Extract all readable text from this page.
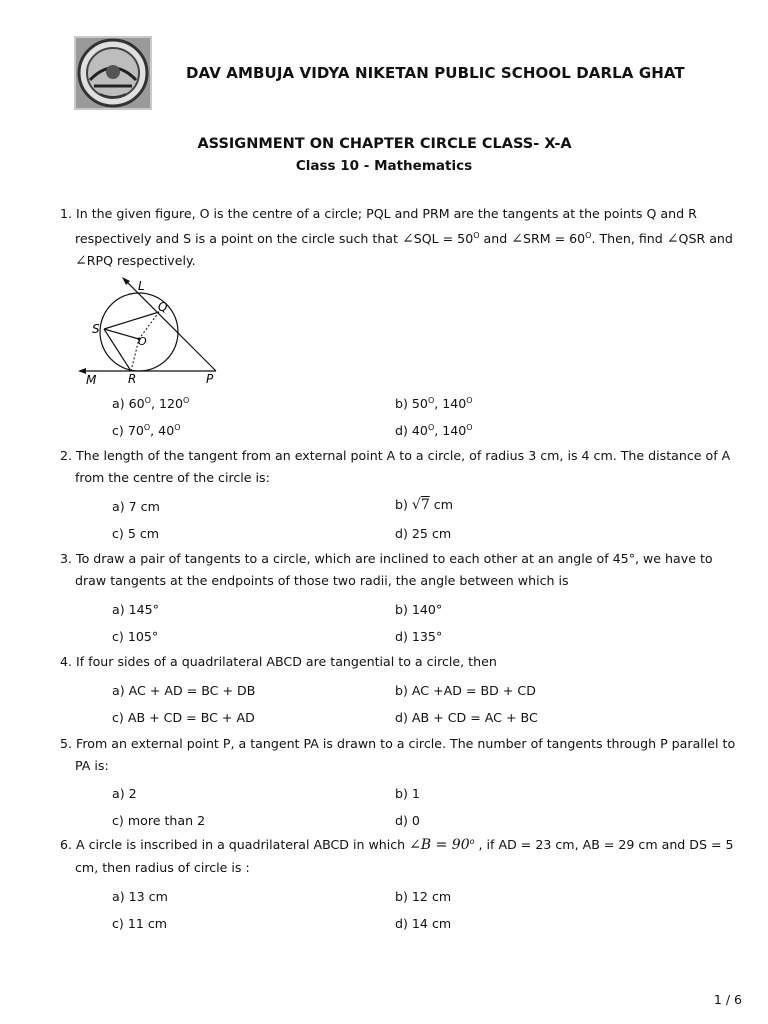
DAV AMBUJA VIDYA NIKETAN PUBLIC SCHOOL DARLA GHAT
ASSIGNMENT ON CHAPTER CIRCLE CLASS- X-A
Class 10 - Mathematics
1. In the given figure, O is the centre of a circle; PQL and PRM are the tangents at the points Q and R
respectively and S is a point on the circle such that ∠SQL = $50^O$ and ∠SRM = $60^O$. Then, find ∠QSR and
∠RPQ respectively.
L
Q
S
O
M	R	P
a) $60^O$, $120^O$	b) $50^O$, $140^O$
c) $70^O$, $40^O$	d) $40^O$, $140^O$
2. The length of the tangent from an external point A to a circle, of radius 3 cm, is 4 cm. The distance of A
from the centre of the circle is:
a) 7 cm	b) √7 cm
c) 5 cm	d) 25 cm
3. To draw a pair of tangents to a circle, which are inclined to each other at an angle of 45°, we have to
draw tangents at the endpoints of those two radii, the angle between which is
a) 145°	b) 140°
c) 105°	d) 135°
4. If four sides of a quadrilateral ABCD are tangential to a circle, then
a) AC + AD = BC + DB	b) AC +AD = BD + CD
c) AB + CD = BC + AD	d) AB + CD = AC + BC
5. From an external point P, a tangent PA is drawn to a circle. The number of tangents through P parallel to
PA is:
a) 2	b) 1
c) more than 2	d) 0
6. A circle is inscribed in a quadrilateral ABCD in which ∠B = $90^o$ , if AD = 23 cm, AB = 29 cm and DS = 5
cm, then radius of circle is :
a) 13 cm	b) 12 cm
c) 11 cm	d) 14 cm
1 / 6
